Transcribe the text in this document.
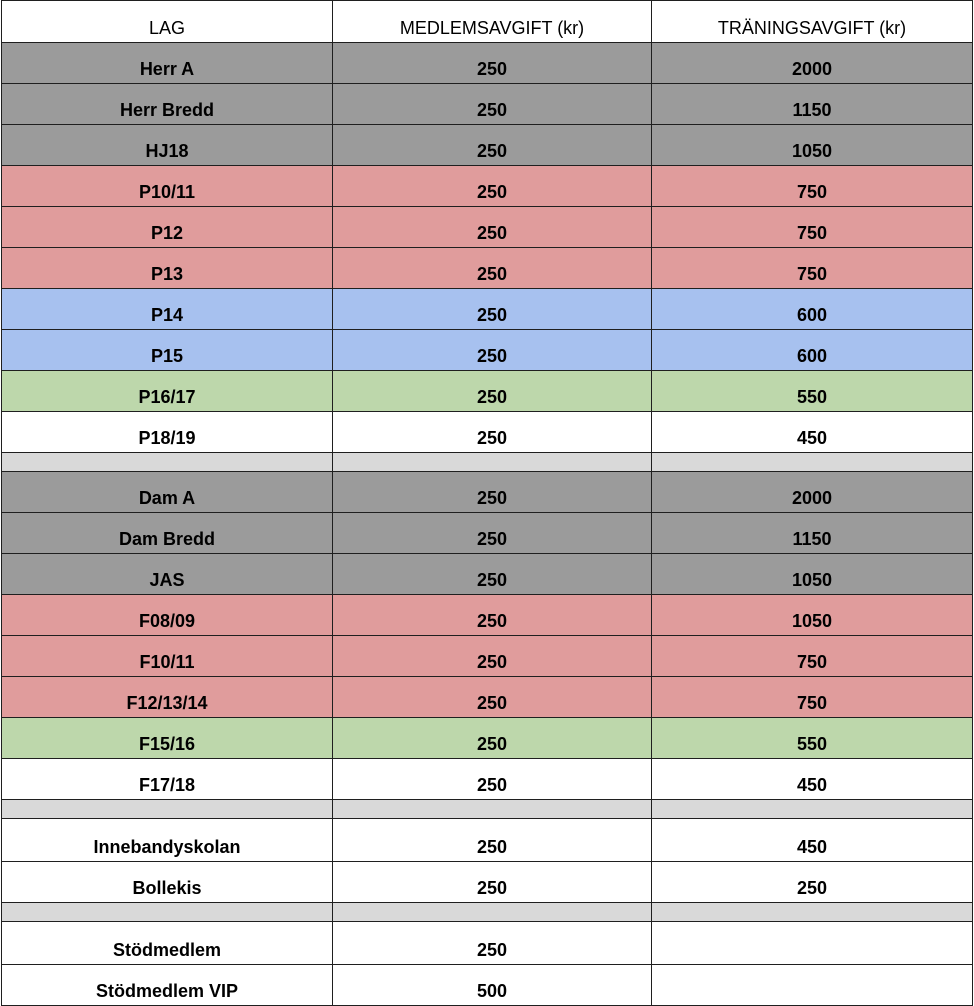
LAG	MEDLEMSAVGIFT (kr)	TRÄNINGSAVGIFT (kr)
Herr A	250	2000
Herr Bredd	250	1150
HJ18	250	1050
P10/11	250	750
P12	250	750
P13	250	750
P14	250	600
P15	250	600
P16/17	250	550
P18/19	250	450

Dam A	250	2000
Dam Bredd	250	1150
JAS	250	1050
F08/09	250	1050
F10/11	250	750
F12/13/14	250	750
F15/16	250	550
F17/18	250	450

Innebandyskolan	250	450
Bollekis	250	250

Stödmedlem	250	
Stödmedlem VIP	500	
